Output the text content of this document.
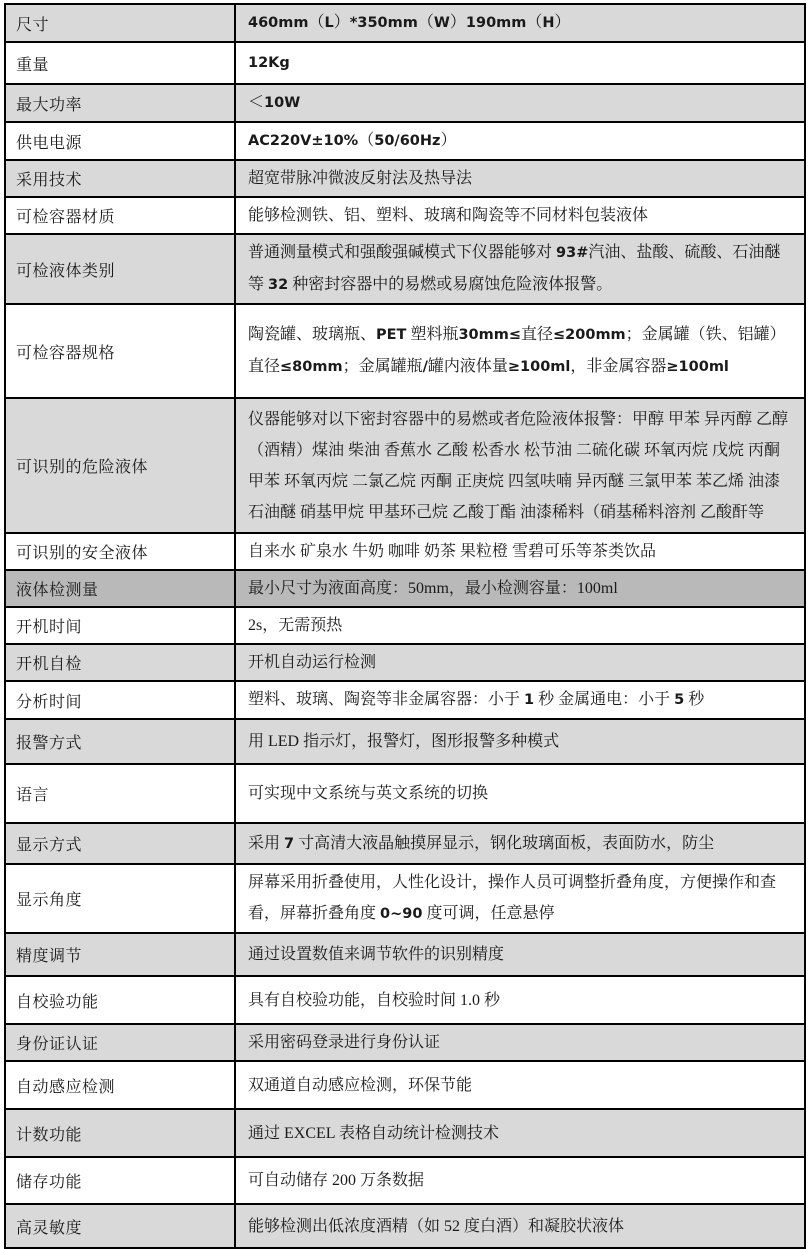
尺寸	460mm（L）*350mm（W）190mm（H）
重量	12Kg
最大功率	＜10W
供电电源	AC220V±10%（50/60Hz）
采用技术	超宽带脉冲微波反射法及热导法
可检容器材质	能够检测铁、铝、塑料、玻璃和陶瓷等不同材料包装液体
可检液体类别	普通测量模式和强酸强碱模式下仪器能够对 93#汽油、盐酸、硫酸、石油醚等 32 种密封容器中的易燃或易腐蚀危险液体报警。
可检容器规格	陶瓷罐、玻璃瓶、PET 塑料瓶30mm≤直径≤200mm；金属罐（铁、铝罐）直径≤80mm；金属罐瓶/罐内液体量≥100ml，非金属容器≥100ml
可识别的危险液体	仪器能够对以下密封容器中的易燃或者危险液体报警：甲醇 甲苯 异丙醇 乙醇（酒精）煤油 柴油 香蕉水 乙酸 松香水 松节油 二硫化碳 环氧丙烷 戊烷 丙酮 甲苯 环氧丙烷 二氯乙烷 丙酮 正庚烷 四氢呋喃 异丙醚 三氯甲苯 苯乙烯 油漆 石油醚 硝基甲烷 甲基环己烷 乙酸丁酯 油漆稀料（硝基稀料溶剂 乙酸酐等
可识别的安全液体	自来水 矿泉水 牛奶 咖啡 奶茶 果粒橙 雪碧可乐等茶类饮品
液体检测量	最小尺寸为液面高度：50mm，最小检测容量：100ml
开机时间	2s，无需预热
开机自检	开机自动运行检测
分析时间	塑料、玻璃、陶瓷等非金属容器：小于 1 秒 金属通电：小于 5 秒
报警方式	用 LED 指示灯，报警灯，图形报警多种模式
语言	可实现中文系统与英文系统的切换
显示方式	采用 7 寸高清大液晶触摸屏显示，钢化玻璃面板，表面防水，防尘
显示角度	屏幕采用折叠使用，人性化设计，操作人员可调整折叠角度，方便操作和查看，屏幕折叠角度 0~90 度可调，任意悬停
精度调节	通过设置数值来调节软件的识别精度
自校验功能	具有自校验功能，自校验时间 1.0 秒
身份证认证	采用密码登录进行身份认证
自动感应检测	双通道自动感应检测，环保节能
计数功能	通过 EXCEL 表格自动统计检测技术
储存功能	可自动储存 200 万条数据
高灵敏度	能够检测出低浓度酒精（如 52 度白酒）和凝胶状液体
